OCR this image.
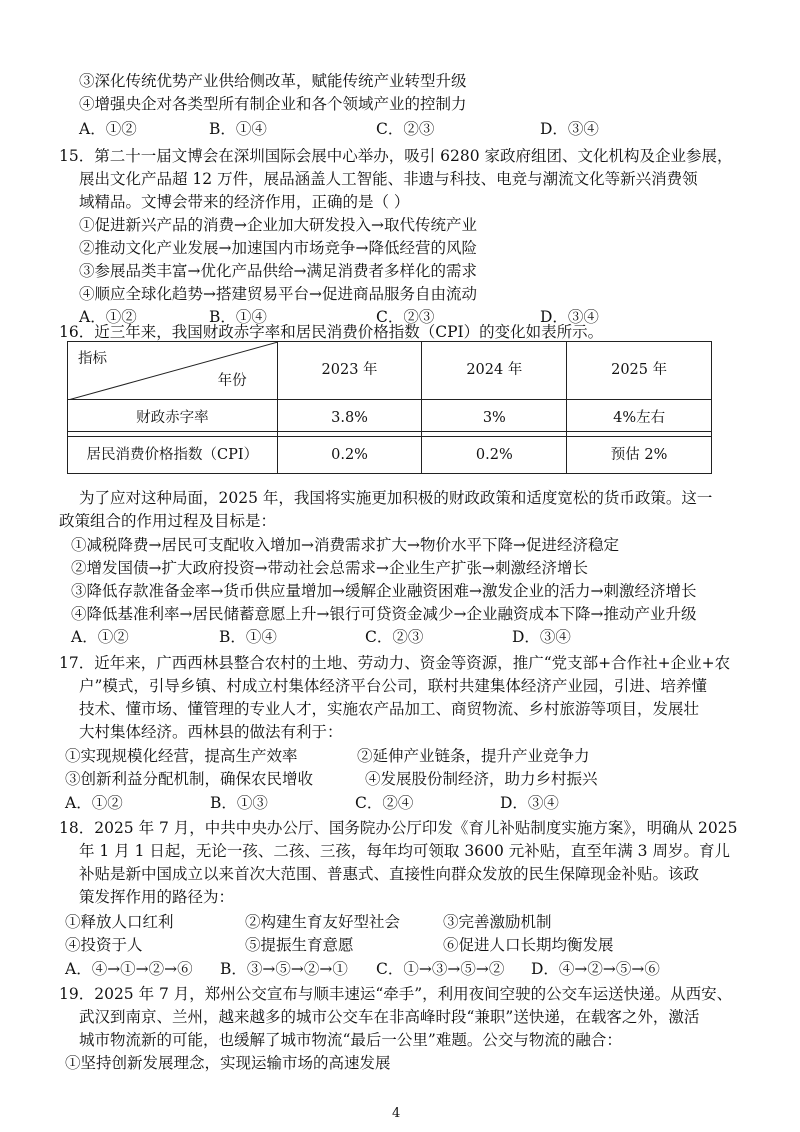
③深化传统优势产业供给侧改革，赋能传统产业转型升级
④增强央企对各类型所有制企业和各个领域产业的控制力
A．①②	B．①④	C．②③	D．③④
15．第二十一届文博会在深圳国际会展中心举办，吸引 6280 家政府组团、文化机构及企业参展，
展出文化产品超 12 万件，展品涵盖人工智能、非遗与科技、电竞与潮流文化等新兴消费领
域精品。文博会带来的经济作用，正确的是（ ）
①促进新兴产品的消费→企业加大研发投入→取代传统产业
②推动文化产业发展→加速国内市场竞争→降低经营的风险
③参展品类丰富→优化产品供给→满足消费者多样化的需求
④顺应全球化趋势→搭建贸易平台→促进商品服务自由流动
A．①②	B．①④	C．②③	D．③④
16．近三年来，我国财政赤字率和居民消费价格指数（CPI）的变化如表所示。
指标
年份	2023 年	2024 年	2025 年
财政赤字率	3.8%	3%	4%左右
居民消费价格指数（CPI）	0.2%	0.2%	预估 2%
为了应对这种局面，2025 年，我国将实施更加积极的财政政策和适度宽松的货币政策。这一
政策组合的作用过程及目标是：
①减税降费→居民可支配收入增加→消费需求扩大→物价水平下降→促进经济稳定
②增发国债→扩大政府投资→带动社会总需求→企业生产扩张→刺激经济增长
③降低存款准备金率→货币供应量增加→缓解企业融资困难→激发企业的活力→刺激经济增长
④降低基准利率→居民储蓄意愿上升→银行可贷资金减少→企业融资成本下降→推动产业升级
A．①②	B．①④	C．②③	D．③④
17．近年来，广西西林县整合农村的土地、劳动力、资金等资源，推广“党支部+合作社+企业+农
户”模式，引导乡镇、村成立村集体经济平台公司，联村共建集体经济产业园，引进、培养懂
技术、懂市场、懂管理的专业人才，实施农产品加工、商贸物流、乡村旅游等项目，发展壮
大村集体经济。西林县的做法有利于：
①实现规模化经营，提高生产效率	②延伸产业链条，提升产业竞争力
③创新利益分配机制，确保农民增收	④发展股份制经济，助力乡村振兴
A．①②	B．①③	C．②④	D．③④
18．2025 年 7 月，中共中央办公厅、国务院办公厅印发《育儿补贴制度实施方案》，明确从 2025
年 1 月 1 日起，无论一孩、二孩、三孩，每年均可领取 3600 元补贴，直至年满 3 周岁。育儿
补贴是新中国成立以来首次大范围、普惠式、直接性向群众发放的民生保障现金补贴。该政
策发挥作用的路径为：
①释放人口红利	②构建生育友好型社会	③完善激励机制
④投资于人	⑤提振生育意愿	⑥促进人口长期均衡发展
A．④→①→②→⑥ B．③→⑤→②→① C．①→③→⑤→② D．④→②→⑤→⑥
19．2025 年 7 月，郑州公交宣布与顺丰速运“牵手”，利用夜间空驶的公交车运送快递。从西安、
武汉到南京、兰州，越来越多的城市公交车在非高峰时段“兼职”送快递，在载客之外，激活
城市物流新的可能，也缓解了城市物流“最后一公里”难题。公交与物流的融合：
①坚持创新发展理念，实现运输市场的高速发展
4
